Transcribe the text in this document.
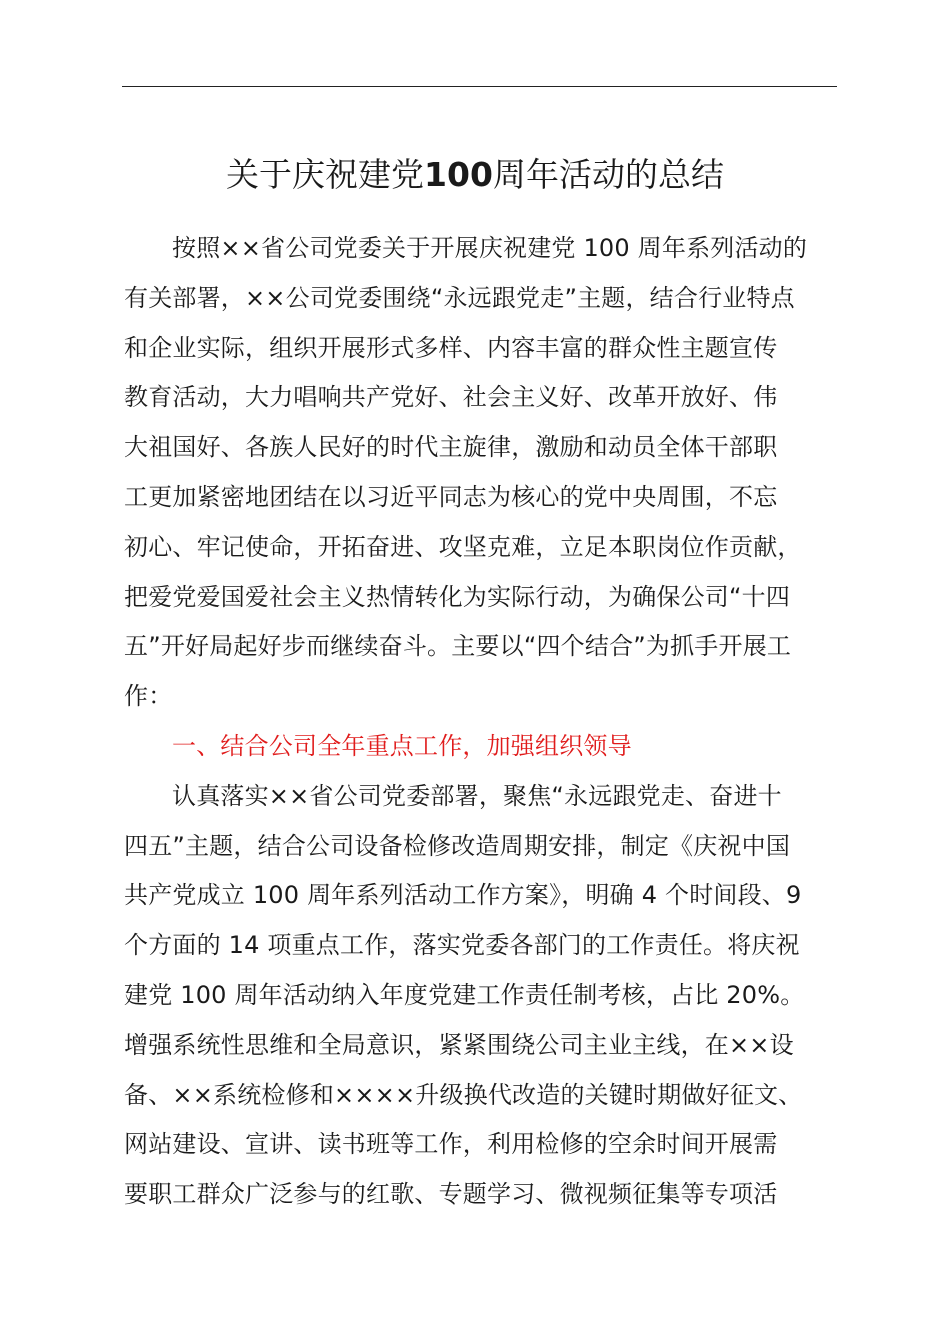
关于庆祝建党100周年活动的总结
按照××省公司党委关于开展庆祝建党 100 周年系列活动的
有关部署，××公司党委围绕“永远跟党走”主题，结合行业特点
和企业实际，组织开展形式多样、内容丰富的群众性主题宣传
教育活动，大力唱响共产党好、社会主义好、改革开放好、伟
大祖国好、各族人民好的时代主旋律，激励和动员全体干部职
工更加紧密地团结在以习近平同志为核心的党中央周围，不忘
初心、牢记使命，开拓奋进、攻坚克难，立足本职岗位作贡献，
把爱党爱国爱社会主义热情转化为实际行动，为确保公司“十四
五”开好局起好步而继续奋斗。主要以“四个结合”为抓手开展工
作：
一、结合公司全年重点工作，加强组织领导
认真落实××省公司党委部署，聚焦“永远跟党走、奋进十
四五”主题，结合公司设备检修改造周期安排，制定《庆祝中国
共产党成立 100 周年系列活动工作方案》，明确 4 个时间段、9
个方面的 14 项重点工作，落实党委各部门的工作责任。将庆祝
建党 100 周年活动纳入年度党建工作责任制考核，占比 20%。
增强系统性思维和全局意识，紧紧围绕公司主业主线，在××设
备、××系统检修和××××升级换代改造的关键时期做好征文、
网站建设、宣讲、读书班等工作，利用检修的空余时间开展需
要职工群众广泛参与的红歌、专题学习、微视频征集等专项活
